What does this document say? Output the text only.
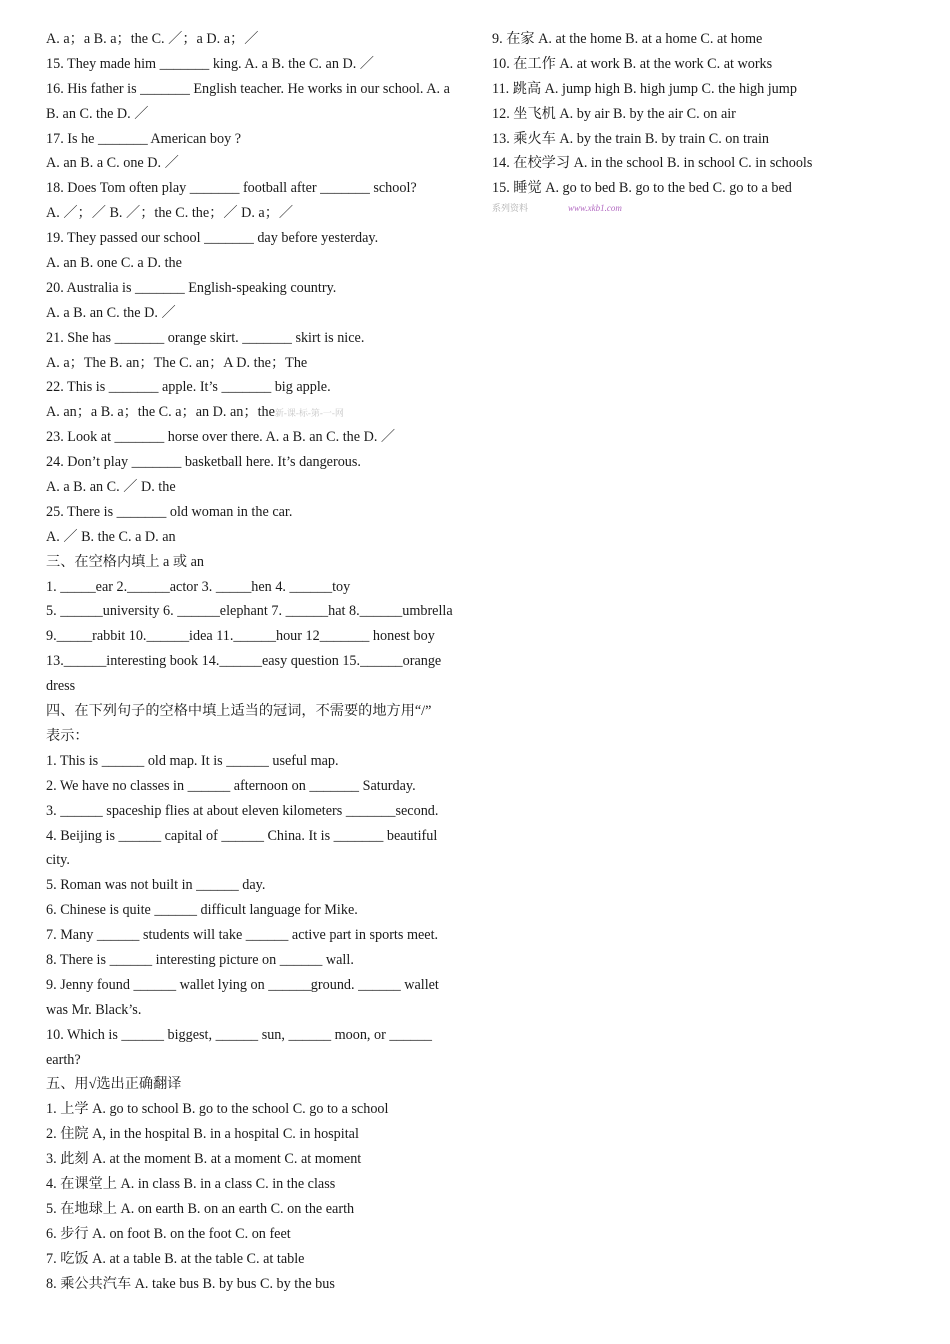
A. a；a B. a；the C. ／；a D. a；／
15. They made him _______ king. A. a B. the C. an D. ／
16. His father is _______ English teacher. He works in our school. A. a
B. an C. the D. ／
17. Is he _______ American boy ?
A. an B. a C. one D. ／
18. Does Tom often play _______ football after _______ school?
A. ／；／ B. ／；the C. the；／ D. a；／
19. They passed our school _______ day before yesterday.
A. an B. one C. a D. the
20. Australia is _______ English-speaking country.
A. a B. an C. the D. ／
21. She has _______ orange skirt. _______ skirt is nice.
A. a；The B. an；The C. an；A D. the；The
22. This is _______ apple. It’s _______ big apple.
A. an；a B. a；the C. a；an D. an；the新-课-标-第-一-网
23. Look at _______ horse over there. A. a B. an C. the D. ／
24. Don’t play _______ basketball here. It’s dangerous.
A. a B. an C. ／ D. the
25. There is _______ old woman in the car.
A. ／ B. the C. a D. an
三、在空格内填上 a 或 an
1. _____ear 2.______actor 3. _____hen 4. ______toy
5. ______university 6. ______elephant 7. ______hat 8.______umbrella
9._____rabbit 10.______idea 11.______hour 12_______ honest boy
13.______interesting book 14.______easy question 15.______orange
dress
四、在下列句子的空格中填上适当的冠词，不需要的地方用“/”
表示：
1. This is ______ old map. It is ______ useful map.
2. We have no classes in ______ afternoon on _______ Saturday.
3. ______ spaceship flies at about eleven kilometers _______second.
4. Beijing is ______ capital of ______ China. It is _______ beautiful
city.
5. Roman was not built in ______ day.
6. Chinese is quite ______ difficult language for Mike.
7. Many ______ students will take ______ active part in sports meet.
8. There is ______ interesting picture on ______ wall.
9. Jenny found ______ wallet lying on ______ground. ______ wallet
was Mr. Black’s.
10. Which is ______ biggest, ______ sun, ______ moon, or ______
earth?
五、用√选出正确翻译
1. 上学 A. go to school B. go to the school C. go to a school
2. 住院 A, in the hospital B. in a hospital C. in hospital
3. 此刻 A. at the moment B. at a moment C. at moment
4. 在课堂上 A. in class B. in a class C. in the class
5. 在地球上 A. on earth B. on an earth C. on the earth
6. 步行 A. on foot B. on the foot C. on feet
7. 吃饭 A. at a table B. at the table C. at table
8. 乘公共汽车 A. take bus B. by bus C. by the bus
9. 在家 A. at the home B. at a home C. at home
10. 在工作 A. at work B. at the work C. at works
11. 跳高 A. jump high B. high jump C. the high jump
12. 坐飞机 A. by air B. by the air C. on air
13. 乘火车 A. by the train B. by train C. on train
14. 在校学习 A. in the school B. in school C. in schools
15. 睡觉 A. go to bed B. go to the bed C. go to a bed
系列资料	www.xkb1.com
